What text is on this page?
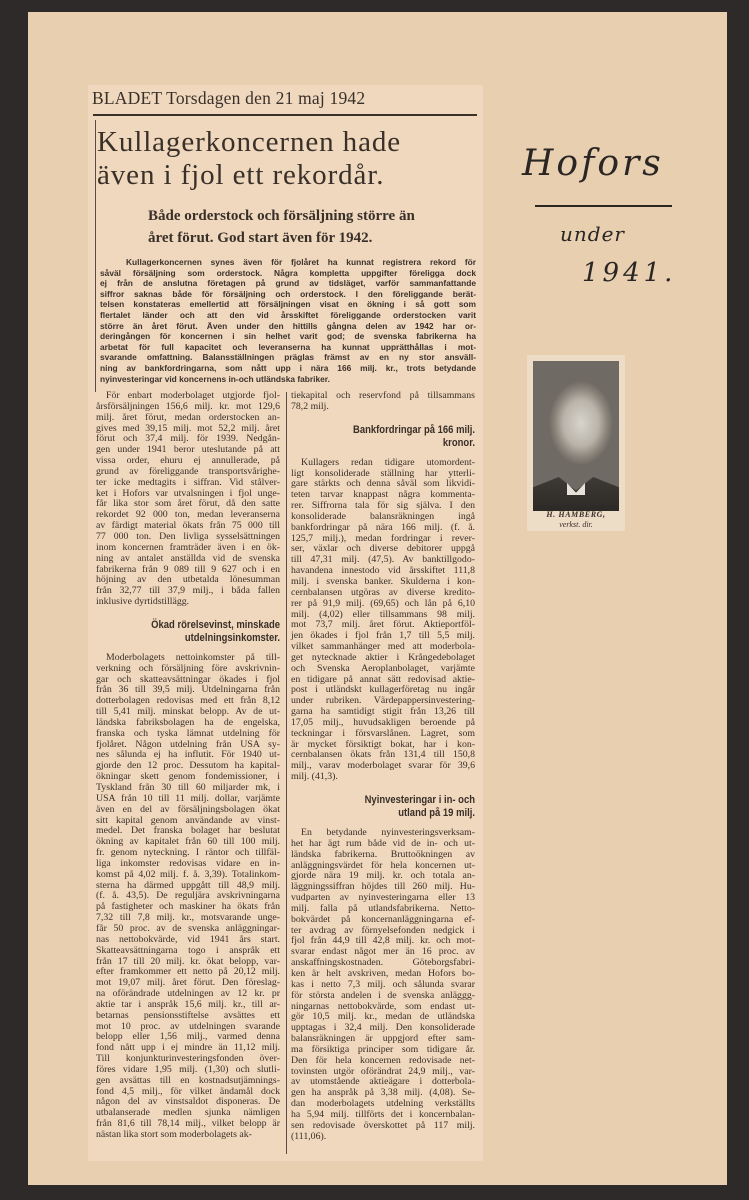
BLADET Torsdagen den 21 maj 1942
Kullagerkoncernen hade
även i fjol ett rekordår.
Både orderstock och försäljning större än
året förut. God start även för 1942.
Kullagerkoncernen synes även för fjolåret ha kunnat registrera rekord för
såväl försäljning som orderstock. Några kompletta uppgifter föreligga dock
ej från de anslutna företagen på grund av tidsläget, varför sammanfattande
siffror saknas både för försäljning och orderstock. I den föreliggande berät-
telsen konstateras emellertid att försäljningen visat en ökning i så gott som
flertalet länder och att den vid årsskiftet föreliggande orderstocken varit
större än året förut. Även under den hittills gångna delen av 1942 har or-
deringången för koncernen i sin helhet varit god; de svenska fabrikerna ha
arbetat för full kapacitet och leveranserna ha kunnat upprätthållas i mot-
svarande omfattning. Balansställningen präglas främst av en ny stor ansväll-
ning av bankfordringarna, som nått upp i nära 166 milj. kr., trots betydande
nyinvesteringar vid koncernens in-och utländska fabriker.
För enbart moderbolaget utgjorde fjol-
årsförsäljningen 156,6 milj. kr. mot 129,6
milj. året förut, medan orderstocken an-
gives med 39,15 milj. mot 52,2 milj. året
förut och 37,4 milj. för 1939. Nedgån-
gen under 1941 beror uteslutande på att
vissa order, ehuru ej annullerade, på
grund av föreliggande transportsvårighe-
ter icke medtagits i siffran. Vid stålver-
ket i Hofors var utvalsningen i fjol unge-
får lika stor som året förut, då den satte
rekordet 92 000 ton, medan leveranserna
av färdigt material ökats från 75 000 till
77 000 ton. Den livliga sysselsättningen
inom koncernen framträder även i en ök-
ning av antalet anställda vid de svenska
fabrikerna från 9 089 till 9 627 och i en
höjning av den utbetalda lönesumman
från 32,77 till 37,9 milj., i båda fallen
inklusive dyrtidstillägg.
Ökad rörelsevinst, minskade
utdelningsinkomster.
Moderbolagets nettoinkomster på till-
verkning och försäljning före avskrivnin-
gar och skatteavsättningar ökades i fjol
från 36 till 39,5 milj. Utdelningarna från
dotterbolagen redovisas med ett från 8,12
till 5,41 milj. minskat belopp. Av de ut-
ländska fabriksbolagen ha de engelska,
franska och tyska lämnat utdelning för
fjolåret. Någon utdelning från USA sy-
nes sålunda ej ha influtit. För 1940 ut-
gjorde den 12 proc. Dessutom ha kapital-
ökningar skett genom fondemissioner, i
Tyskland från 30 till 60 miljarder mk, i
USA från 10 till 11 milj. dollar, varjämte
även en del av försäljningsbolagen ökat
sitt kapital genom användande av vinst-
medel. Det franska bolaget har beslutat
ökning av kapitalet från 60 till 100 milj.
fr. genom nyteckning. I räntor och tillfäl-
liga inkomster redovisas vidare en in-
komst på 4,02 milj. f. å. 3,39). Totalinkom-
sterna ha därmed uppgått till 48,9 milj.
(f. å. 43,5). De reguljära avskrivningarna
på fastigheter och maskiner ha ökats från
7,32 till 7,8 milj. kr., motsvarande unge-
får 50 proc. av de svenska anläggningar-
nas nettobokvärde, vid 1941 års start.
Skatteavsättningarna togo i anspråk ett
från 17 till 20 milj. kr. ökat belopp, var-
efter framkommer ett netto på 20,12 milj.
mot 19,07 milj. året förut. Den föreslag-
na oförändrade utdelningen av 12 kr. pr
aktie tar i anspråk 15,6 milj. kr., till ar-
betarnas pensionsstiftelse avsättes ett
mot 10 proc. av utdelningen svarande
belopp eller 1,56 milj., varmed denna
fond nått upp i ej mindre än 11,12 milj.
Till konjunkturinvesteringsfonden över-
föres vidare 1,95 milj. (1,30) och slutli-
gen avsättas till en kostnadsutjämnings-
fond 4,5 milj., för vilket ändamål dock
någon del av vinstsaldot disponeras. De
utbalanserade medlen sjunka nämligen
från 81,6 till 78,14 milj., vilket belopp är
nästan lika stort som moderbolagets ak-
tiekapital och reservfond på tillsammans
78,2 milj.
Bankfordringar på 166 milj.
kronor.
Kullagers redan tidigare utomordent-
ligt konsoliderade ställning har ytterli-
gare stärkts och denna såväl som likvidi-
teten tarvar knappast några kommenta-
rer. Siffrorna tala för sig själva. I den
konsoliderade balansräkningen ingå
bankfordringar på nära 166 milj. (f. å.
125,7 milj.), medan fordringar i rever-
ser, växlar och diverse debitorer uppgå
till 47,31 milj. (47,5). Av banktillgodo-
havandena innestodo vid årsskiftet 111,8
milj. i svenska banker. Skulderna i kon-
cernbalansen utgöras av diverse kredito-
rer på 91,9 milj. (69,65) och lån på 6,10
milj. (4,02) eller tillsammans 98 milj.
mot 73,7 milj. året förut. Aktieportföl-
jen ökades i fjol från 1,7 till 5,5 milj.
vilket sammanhänger med att moderbola-
get nytecknade aktier i Krångedebolaget
och Svenska Aeroplanbolaget, varjämte
en tidigare på annat sätt redovisad aktie-
post i utländskt kullagerföretag nu ingår
under rubriken. Värdepappersinvestering-
garna ha samtidigt stigit från 13,26 till
17,05 milj., huvudsakligen beroende på
teckningar i försvarslånen. Lagret, som
är mycket försiktigt bokat, har i kon-
cernbalansen ökats från 131,4 till 150,8
milj., varav moderbolaget svarar för 39,6
milj. (41,3).
Nyinvesteringar i in- och
utland på 19 milj.
En betydande nyinvesteringsverksam-
het har ägt rum både vid de in- och ut-
ländska fabrikerna. Bruttoökningen av
anläggningsvärdet för hela koncernen ut-
gjorde nära 19 milj. kr. och totala an-
läggningssiffran höjdes till 260 milj. Hu-
vudparten av nyinvesteringarna eller 13
milj. falla på utlandsfabrikerna. Netto-
bokvärdet på koncernanläggningarna ef-
ter avdrag av förnyelsefonden nedgick i
fjol från 44,9 till 42,8 milj. kr. och mot-
svarar endast något mer än 16 proc. av
anskaffningskostnaden. Göteborgsfabri-
ken är helt avskriven, medan Hofors bo-
kas i netto 7,3 milj. och sålunda svarar
för största andelen i de svenska anläggg-
ningarnas nettobokvärde, som endast ut-
gör 10,5 milj. kr., medan de utländska
upptagas i 32,4 milj. Den konsoliderade
balansräkningen är uppgjord efter sam-
ma försiktiga principer som tidigare år.
Den för hela koncernen redovisade net-
tovinsten utgör oförändrat 24,9 milj., var-
av utomstående aktieägare i dotterbola-
gen ha anspråk på 3,38 milj. (4,08). Se-
dan moderbolagets utdelning verkställts
ha 5,94 milj. tillförts det i koncernbalan-
sen redovisade överskottet på 117 milj.
(111,06).
H. HAMBERG,
verkst. dir.
Hofors
under
1941.
